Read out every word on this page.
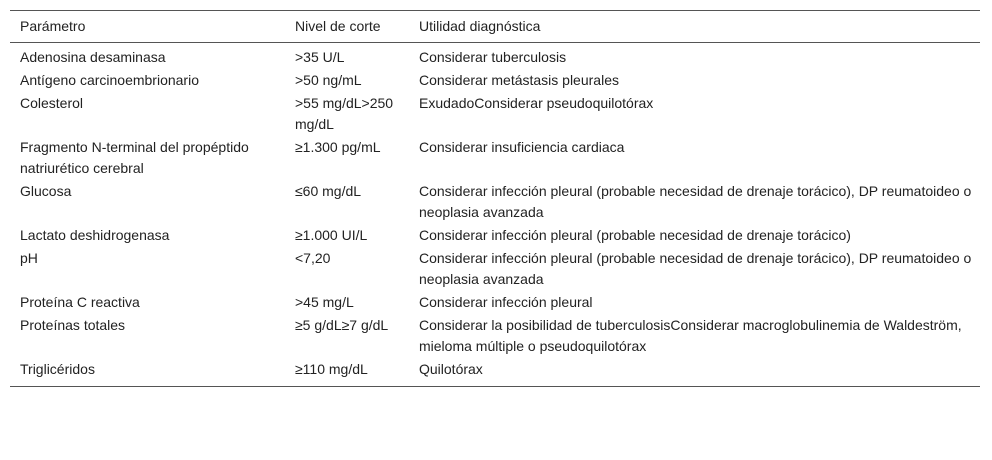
Parámetro	Nivel de corte	Utilidad diagnóstica
Adenosina desaminasa	>35 U/L	Considerar tuberculosis
Antígeno carcinoembrionario	>50 ng/mL	Considerar metástasis pleurales
Colesterol	>55 mg/dL>250 mg/dL	ExudadoConsiderar pseudoquilotórax
Fragmento N-terminal del propéptido natriurético cerebral	≥1.300 pg/mL	Considerar insuficiencia cardiaca
Glucosa	≤60 mg/dL	Considerar infección pleural (probable necesidad de drenaje torácico), DP reumatoideo o neoplasia avanzada
Lactato deshidrogenasa	≥1.000 UI/L	Considerar infección pleural (probable necesidad de drenaje torácico)
pH	<7,20	Considerar infección pleural (probable necesidad de drenaje torácico), DP reumatoideo o neoplasia avanzada
Proteína C reactiva	>45 mg/L	Considerar infección pleural
Proteínas totales	≥5 g/dL≥7 g/dL	Considerar la posibilidad de tuberculosisConsiderar macroglobulinemia de Waldeström, mieloma múltiple o pseudoquilotórax
Triglicéridos	≥110 mg/dL	Quilotórax
